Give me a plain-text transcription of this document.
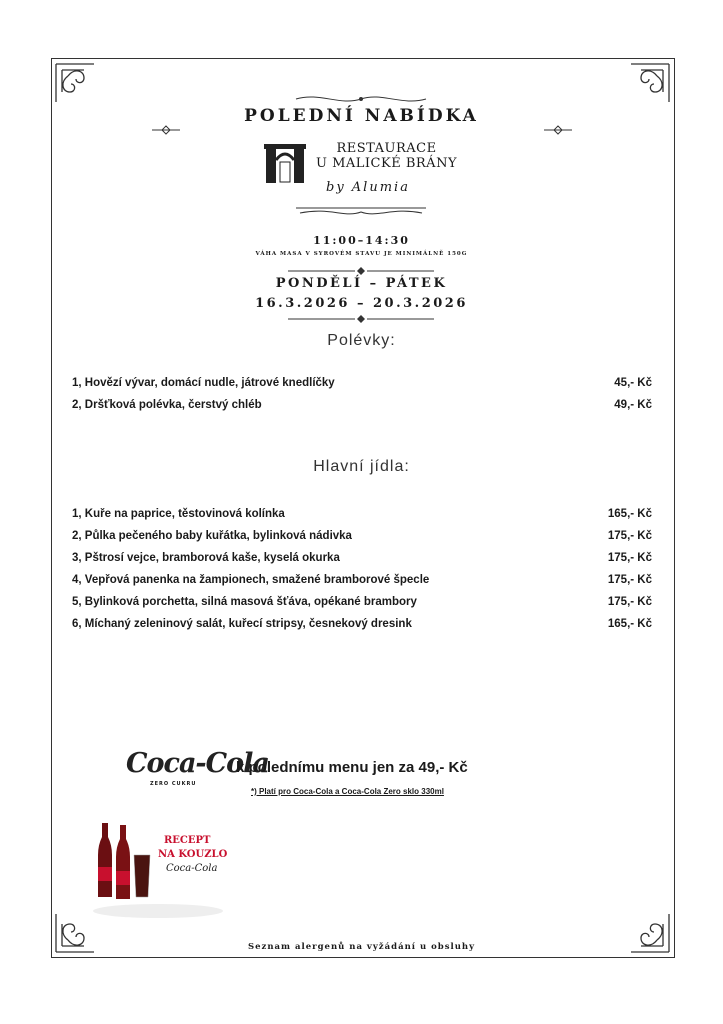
POLEDNÍ NABÍDKA
RESTAURACE
U MALICKÉ BRÁNY
by Alumia
11:00–14:30
VÁHA MASA V SYROVÉM STAVU JE MINIMÁLNĚ 150G
PONDĚLÍ – PÁTEK
16.3.2026 – 20.3.2026
Polévky:
1, Hovězí vývar, domácí nudle, játrové knedlíčky	45,- Kč
2, Dršťková polévka, čerstvý chléb	49,- Kč
Hlavní jídla:
1, Kuře na paprice, těstovinová kolínka	165,- Kč
2, Půlka pečeného baby kuřátka, bylinková nádivka	175,- Kč
3, Pštrosí vejce, bramborová kaše, kyselá okurka	175,- Kč
4, Vepřová panenka na žampionech, smažené bramborové špecle	175,- Kč
5, Bylinková porchetta, silná masová šťáva, opékané brambory	175,- Kč
6, Míchaný zeleninový salát, kuřecí stripsy, česnekový dresink	165,- Kč
Coca-Cola
ZERO CUKRU
k polednímu menu jen za 49,- Kč
*) Platí pro Coca-Cola a Coca-Cola Zero sklo 330ml
RECEPT
NA KOUZLO
Coca-Cola
Seznam alergenů na vyžádání u obsluhy
